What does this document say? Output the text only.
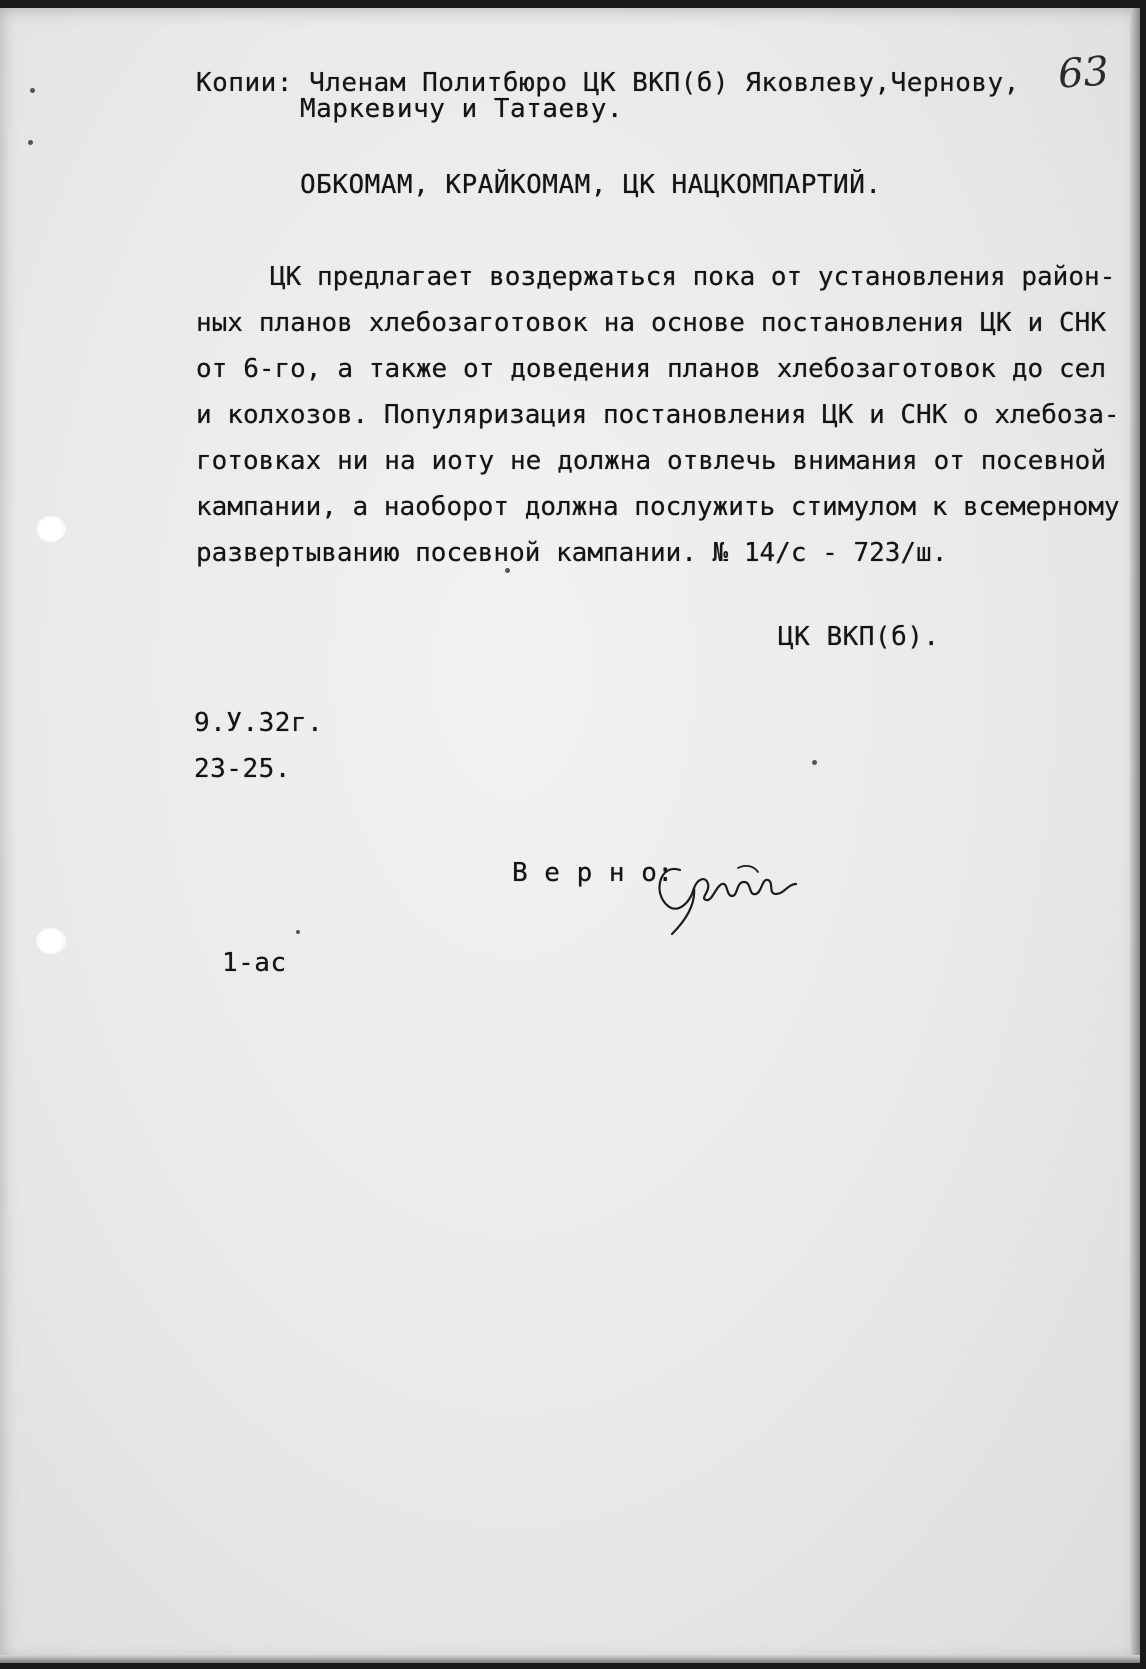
63
Копии: Членам Политбюро ЦК ВКП(б) Яковлеву,Чернову,
Маркевичу и Татаеву.
ОБКОМАМ, КРАЙКОМАМ, ЦК НАЦКОМПАРТИЙ.
ЦК предлагает воздержаться пока от установления район-
ных планов хлебозаготовок на основе постановления ЦК и СНК
от 6-го, а также от доведения планов хлебозаготовок до сел
и колхозов. Популяризация постановления ЦК и СНК о хлебоза-
готовках ни на иоту не должна отвлечь внимания от посевной
кампании, а наоборот должна послужить стимулом к всемерному
развертыванию посевной кампании. № 14/с - 723/ш.
ЦК ВКП(б).
9.У.32г.
23-25.
В е р н о:
1-ас
